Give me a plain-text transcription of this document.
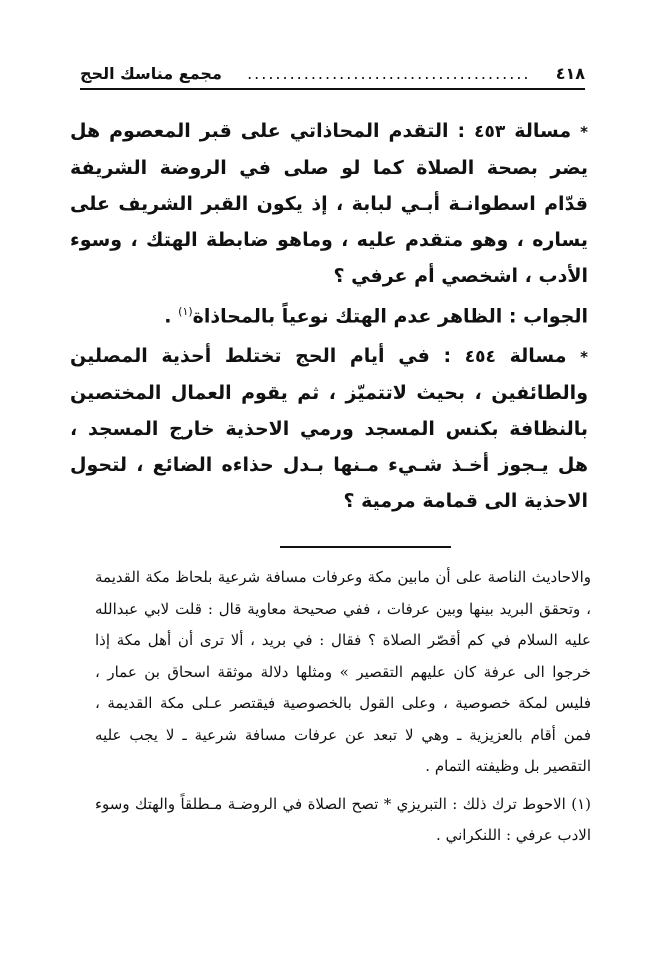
٤١٨
........................................
مجمع مناسك الحج

* مسالة ٤٥٣ : التقدم المحاذاتي على قبر المعصوم هل يضر بصحة الصلاة كما لو صلى في الروضة الشريفة قدّام اسطوانـة أبـي لبابة ، إذ يكون القبر الشريف على يساره ، وهو متقدم عليه ، وماهو ضابطة الهتك ، وسوء الأدب ، اشخصي أم عرفي ؟

الجواب : الظاهر عدم الهتك نوعياً بالمحاذاة$^{(١)}$ .

* مسالة ٤٥٤ : في أيام الحج تختلط أحذية المصلين والطائفين ، بحيث لاتتميّز ، ثم يقوم العمال المختصين بالنظافة بكنس المسجد ورمي الاحذية خارج المسجد ، هل يـجوز أخـذ شـيء مـنها بـدل حذاءه الضائع ، لتحول الاحذية الى قمامة مرمية ؟

والاحاديث الناصة على أن مابين مكة وعرفات مسافة شرعية بلحاظ مكة القديمة ، وتحقق البريد بينها وبين عرفات ، ففي صحيحة معاوية قال : قلت لابي عبدالله عليه السلام في كم أقصّر الصلاة ؟ فقال : في بريد ، ألا ترى أن أهل مكة إذا خرجوا الى عرفة كان عليهم التقصير » ومثلها دلالة موثقة اسحاق بن عمار ، فليس لمكة خصوصية ، وعلى القول بالخصوصية فيقتصر عـلى مكة القديمة ، فمن أقام بالعزيزية ـ وهي لا تبعد عن عرفات مسافة شرعية ـ لا يجب عليه التقصير بل وظيفته التمام .

(١) الاحوط ترك ذلك : التبريزي * تصح الصلاة في الروضـة مـطلقاً والهتك وسوء الادب عرفي : اللنكراني .
